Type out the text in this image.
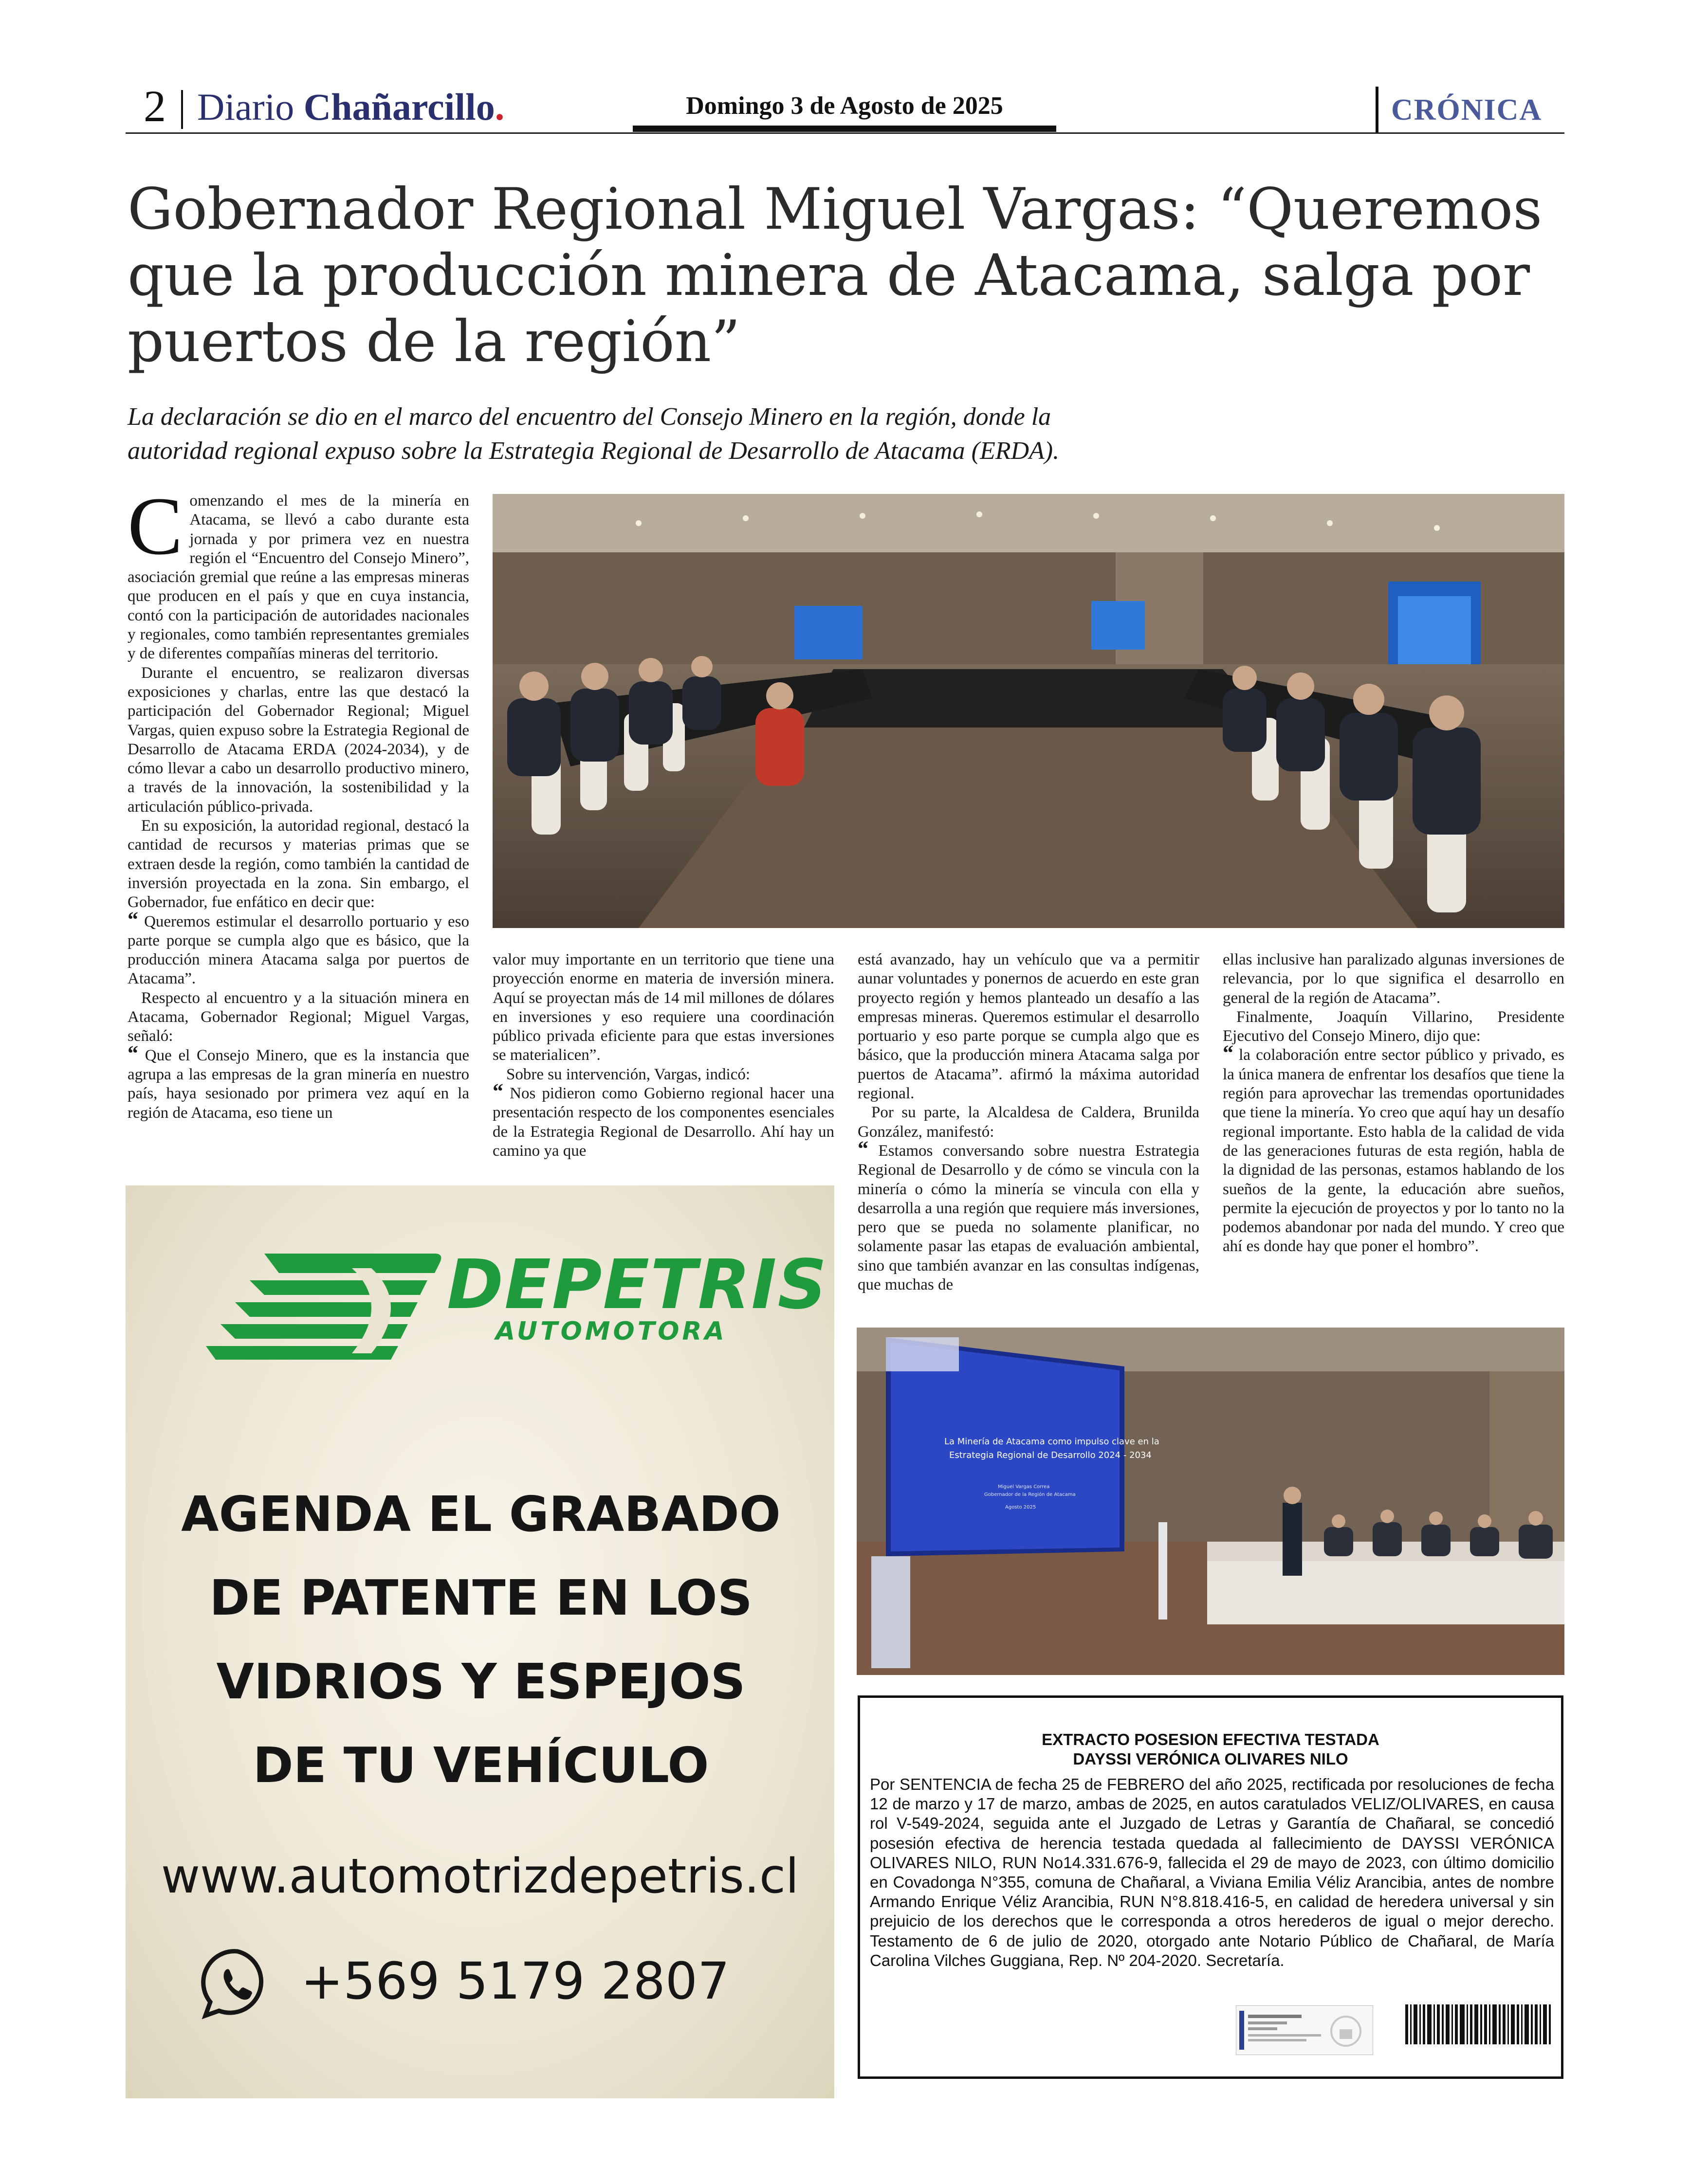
2 Diario Chañarcillo.	Domingo 3 de Agosto de 2025	CRÓNICA
Gobernador Regional Miguel Vargas: “Queremos que la producción minera de Atacama, salga por puertos de la región”
La declaración se dio en el marco del encuentro del Consejo Minero en la región, donde la
autoridad regional expuso sobre la Estrategia Regional de Desarrollo de Atacama (ERDA).

Comenzando el mes de la minería en Atacama, se llevó a cabo durante esta jornada y por primera vez en nuestra región el “Encuentro del Consejo Minero”, asociación gremial que reúne a las empresas mineras que producen en el país y que en cuya instancia, contó con la participación de autoridades nacionales y regionales, como también representantes gremiales y de diferentes compañías mineras del territorio.

Durante el encuentro, se realizaron diversas exposiciones y charlas, entre las que destacó la participación del Gobernador Regional; Miguel Vargas, quien expuso sobre la Estrategia Regional de Desarrollo de Atacama ERDA (2024-2034), y de cómo llevar a cabo un desarrollo productivo minero, a través de la innovación, la sostenibilidad y la articulación público-privada.

En su exposición, la autoridad regional, destacó la cantidad de recursos y materias primas que se extraen desde la región, como también la cantidad de inversión proyectada en la zona. Sin embargo, el Gobernador, fue enfático en decir que:

“ Queremos estimular el desarrollo portuario y eso parte porque se cumpla algo que es básico, que la producción minera Atacama salga por puertos de Atacama”.

Respecto al encuentro y a la situación minera en Atacama, Gobernador Regional; Miguel Vargas, señaló:

“ Que el Consejo Minero, que es la instancia que agrupa a las empresas de la gran minería en nuestro país, haya sesionado por primera vez aquí en la región de Atacama, eso tiene un

valor muy importante en un territorio que tiene una proyección enorme en materia de inversión minera. Aquí se proyectan más de 14 mil millones de dólares en inversiones y eso requiere una coordinación público privada eficiente para que estas inversiones se materialicen”.

Sobre su intervención, Vargas, indicó:

“ Nos pidieron como Gobierno regional hacer una presentación respecto de los componentes esenciales de la Estrategia Regional de Desarrollo. Ahí hay un camino ya que

está avanzado, hay un vehículo que va a permitir aunar voluntades y ponernos de acuerdo en este gran proyecto región y hemos planteado un desafío a las empresas mineras. Queremos estimular el desarrollo portuario y eso parte porque se cumpla algo que es básico, que la producción minera Atacama salga por puertos de Atacama”. afirmó la máxima autoridad regional.

Por su parte, la Alcaldesa de Caldera, Brunilda González, manifestó:

“ Estamos conversando sobre nuestra Estrategia Regional de Desarrollo y de cómo se vincula con la minería o cómo la minería se vincula con ella y desarrolla a una región que requiere más inversiones, pero que se pueda no solamente planificar, no solamente pasar las etapas de evaluación ambiental, sino que también avanzar en las consultas indígenas, que muchas de

ellas inclusive han paralizado algunas inversiones de relevancia, por lo que significa el desarrollo en general de la región de Atacama”.

Finalmente, Joaquín Villarino, Presidente Ejecutivo del Consejo Minero, dijo que:

“ la colaboración entre sector público y privado, es la única manera de enfrentar los desafíos que tiene la región para aprovechar las tremendas oportunidades que tiene la minería. Yo creo que aquí hay un desafío regional importante. Esto habla de la calidad de vida de las generaciones futuras de esta región, habla de la dignidad de las personas, estamos hablando de los sueños de la gente, la educación abre sueños, permite la ejecución de proyectos y por lo tanto no la podemos abandonar por nada del mundo. Y creo que ahí es donde hay que poner el hombro”.

DEPETRIS
AUTOMOTORA
AGENDA EL GRABADO
DE PATENTE EN LOS
VIDRIOS Y ESPEJOS
DE TU VEHÍCULO
www.automotrizdepetris.cl
+569 5179 2807
La Minería de Atacama como impulso clave en la
Estrategia Regional de Desarrollo 2024 - 2034
Miguel Vargas Correa
Gobernador de la Región de Atacama
Agosto 2025
EXTRACTO POSESION EFECTIVA TESTADA
DAYSSI VERÓNICA OLIVARES NILO
Por SENTENCIA de fecha 25 de FEBRERO del año 2025, rectificada por resoluciones de fecha 12 de marzo y 17 de marzo, ambas de 2025, en autos caratulados VELIZ/OLIVARES, en causa rol V-549-2024, seguida ante el Juzgado de Letras y Garantía de Chañaral, se concedió posesión efectiva de herencia testada quedada al fallecimiento de DAYSSI VERÓNICA OLIVARES NILO, RUN No14.331.676-9, fallecida el 29 de mayo de 2023, con último domicilio en Covadonga N°355, comuna de Chañaral, a Viviana Emilia Véliz Arancibia, antes de nombre Armando Enrique Véliz Arancibia, RUN N°8.818.416-5, en calidad de heredera universal y sin prejuicio de los derechos que le corresponda a otros herederos de igual o mejor derecho. Testamento de 6 de julio de 2020, otorgado ante Notario Público de Chañaral, de María Carolina Vilches Guggiana, Rep. Nº 204-2020. Secretaría.
